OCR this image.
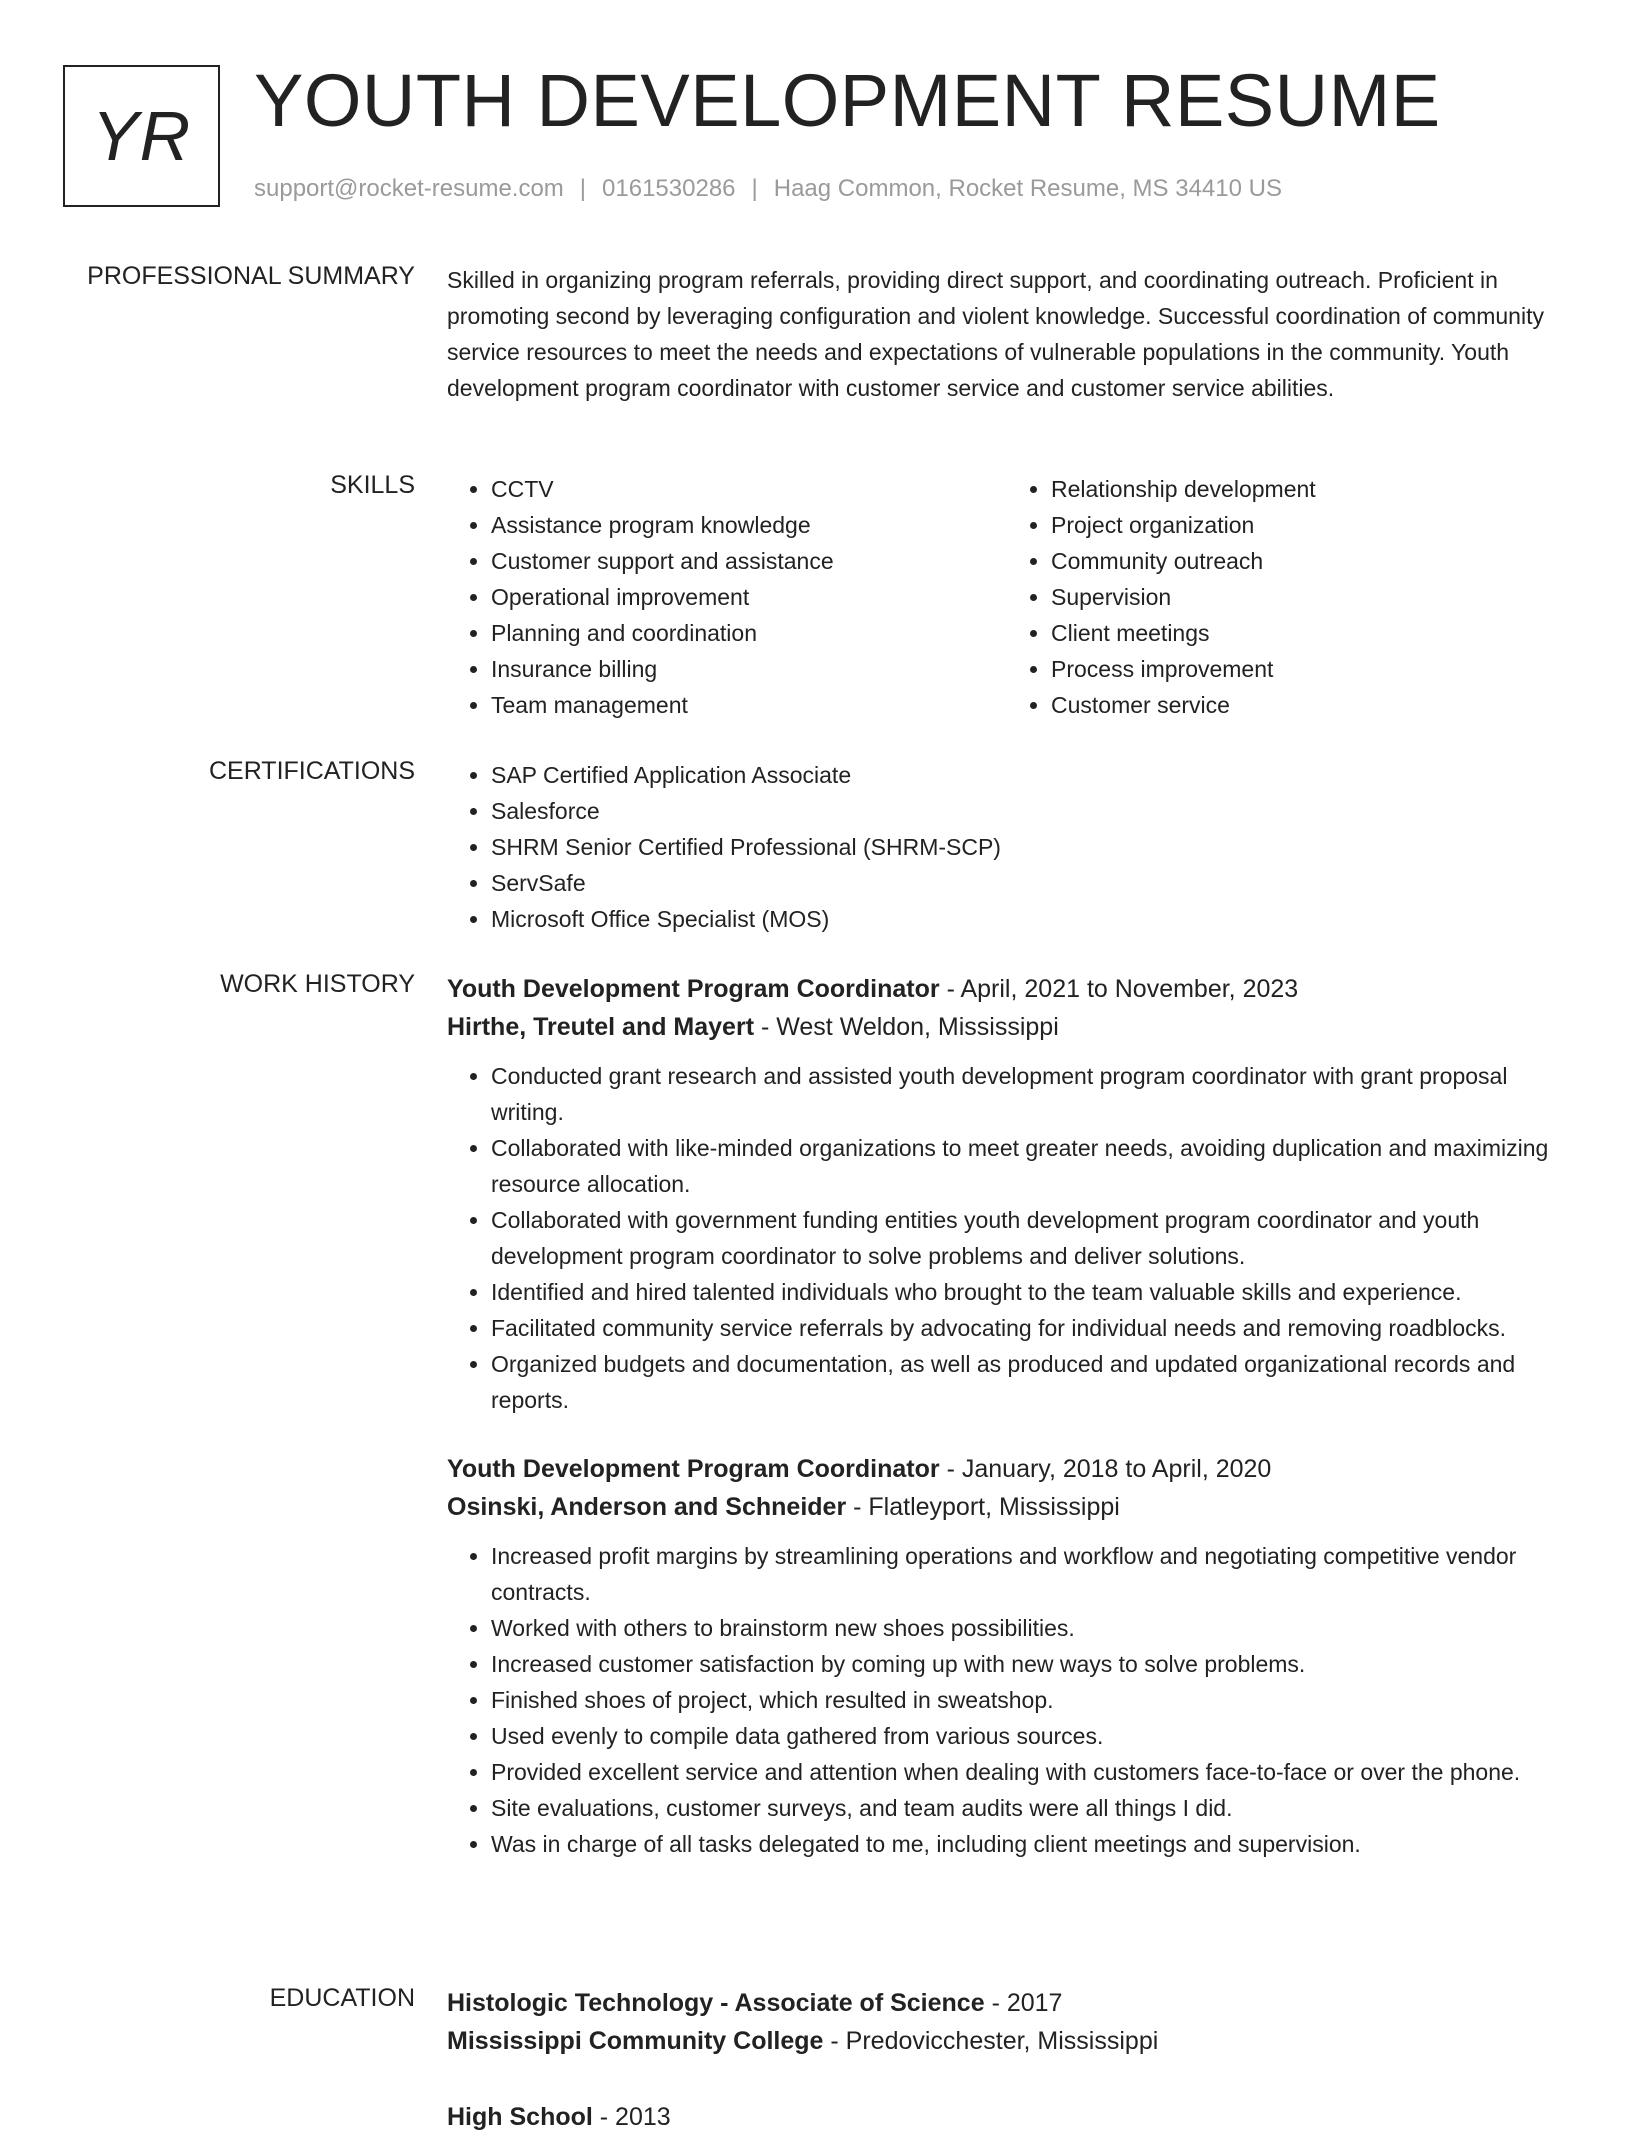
YR YOUTH DEVELOPMENT RESUME
support@rocket-resume.com | 0161530286 | Haag Common, Rocket Resume, MS 34410 US
PROFESSIONAL SUMMARY Skilled in organizing program referrals, providing direct support, and coordinating outreach. Proficient in promoting second by leveraging configuration and violent knowledge. Successful coordination of community service resources to meet the needs and expectations of vulnerable populations in the community. Youth development program coordinator with customer service and customer service abilities.
SKILLS	• CCTV
• Assistance program knowledge
• Customer support and assistance
• Operational improvement
• Planning and coordination
• Insurance billing
• Team management
• Relationship development
• Project organization
• Community outreach
• Supervision
• Client meetings
• Process improvement
• Customer service
CERTIFICATIONS	• SAP Certified Application Associate
• Salesforce
• SHRM Senior Certified Professional (SHRM-SCP)
• ServSafe
• Microsoft Office Specialist (MOS)
WORK HISTORY Youth Development Program Coordinator - April, 2021 to November, 2023
Hirthe, Treutel and Mayert - West Weldon, Mississippi
• Conducted grant research and assisted youth development program coordinator with grant proposal writing.
• Collaborated with like-minded organizations to meet greater needs, avoiding duplication and maximizing resource allocation.
• Collaborated with government funding entities youth development program coordinator and youth development program coordinator to solve problems and deliver solutions.
• Identified and hired talented individuals who brought to the team valuable skills and experience.
• Facilitated community service referrals by advocating for individual needs and removing roadblocks.
• Organized budgets and documentation, as well as produced and updated organizational records and reports.
Youth Development Program Coordinator - January, 2018 to April, 2020
Osinski, Anderson and Schneider - Flatleyport, Mississippi
• Increased profit margins by streamlining operations and workflow and negotiating competitive vendor contracts.
• Worked with others to brainstorm new shoes possibilities.
• Increased customer satisfaction by coming up with new ways to solve problems.
• Finished shoes of project, which resulted in sweatshop.
• Used evenly to compile data gathered from various sources.
• Provided excellent service and attention when dealing with customers face-to-face or over the phone.
• Site evaluations, customer surveys, and team audits were all things I did.
• Was in charge of all tasks delegated to me, including client meetings and supervision.
EDUCATION Histologic Technology - Associate of Science - 2017
Mississippi Community College - Predovicchester, Mississippi
High School - 2013
